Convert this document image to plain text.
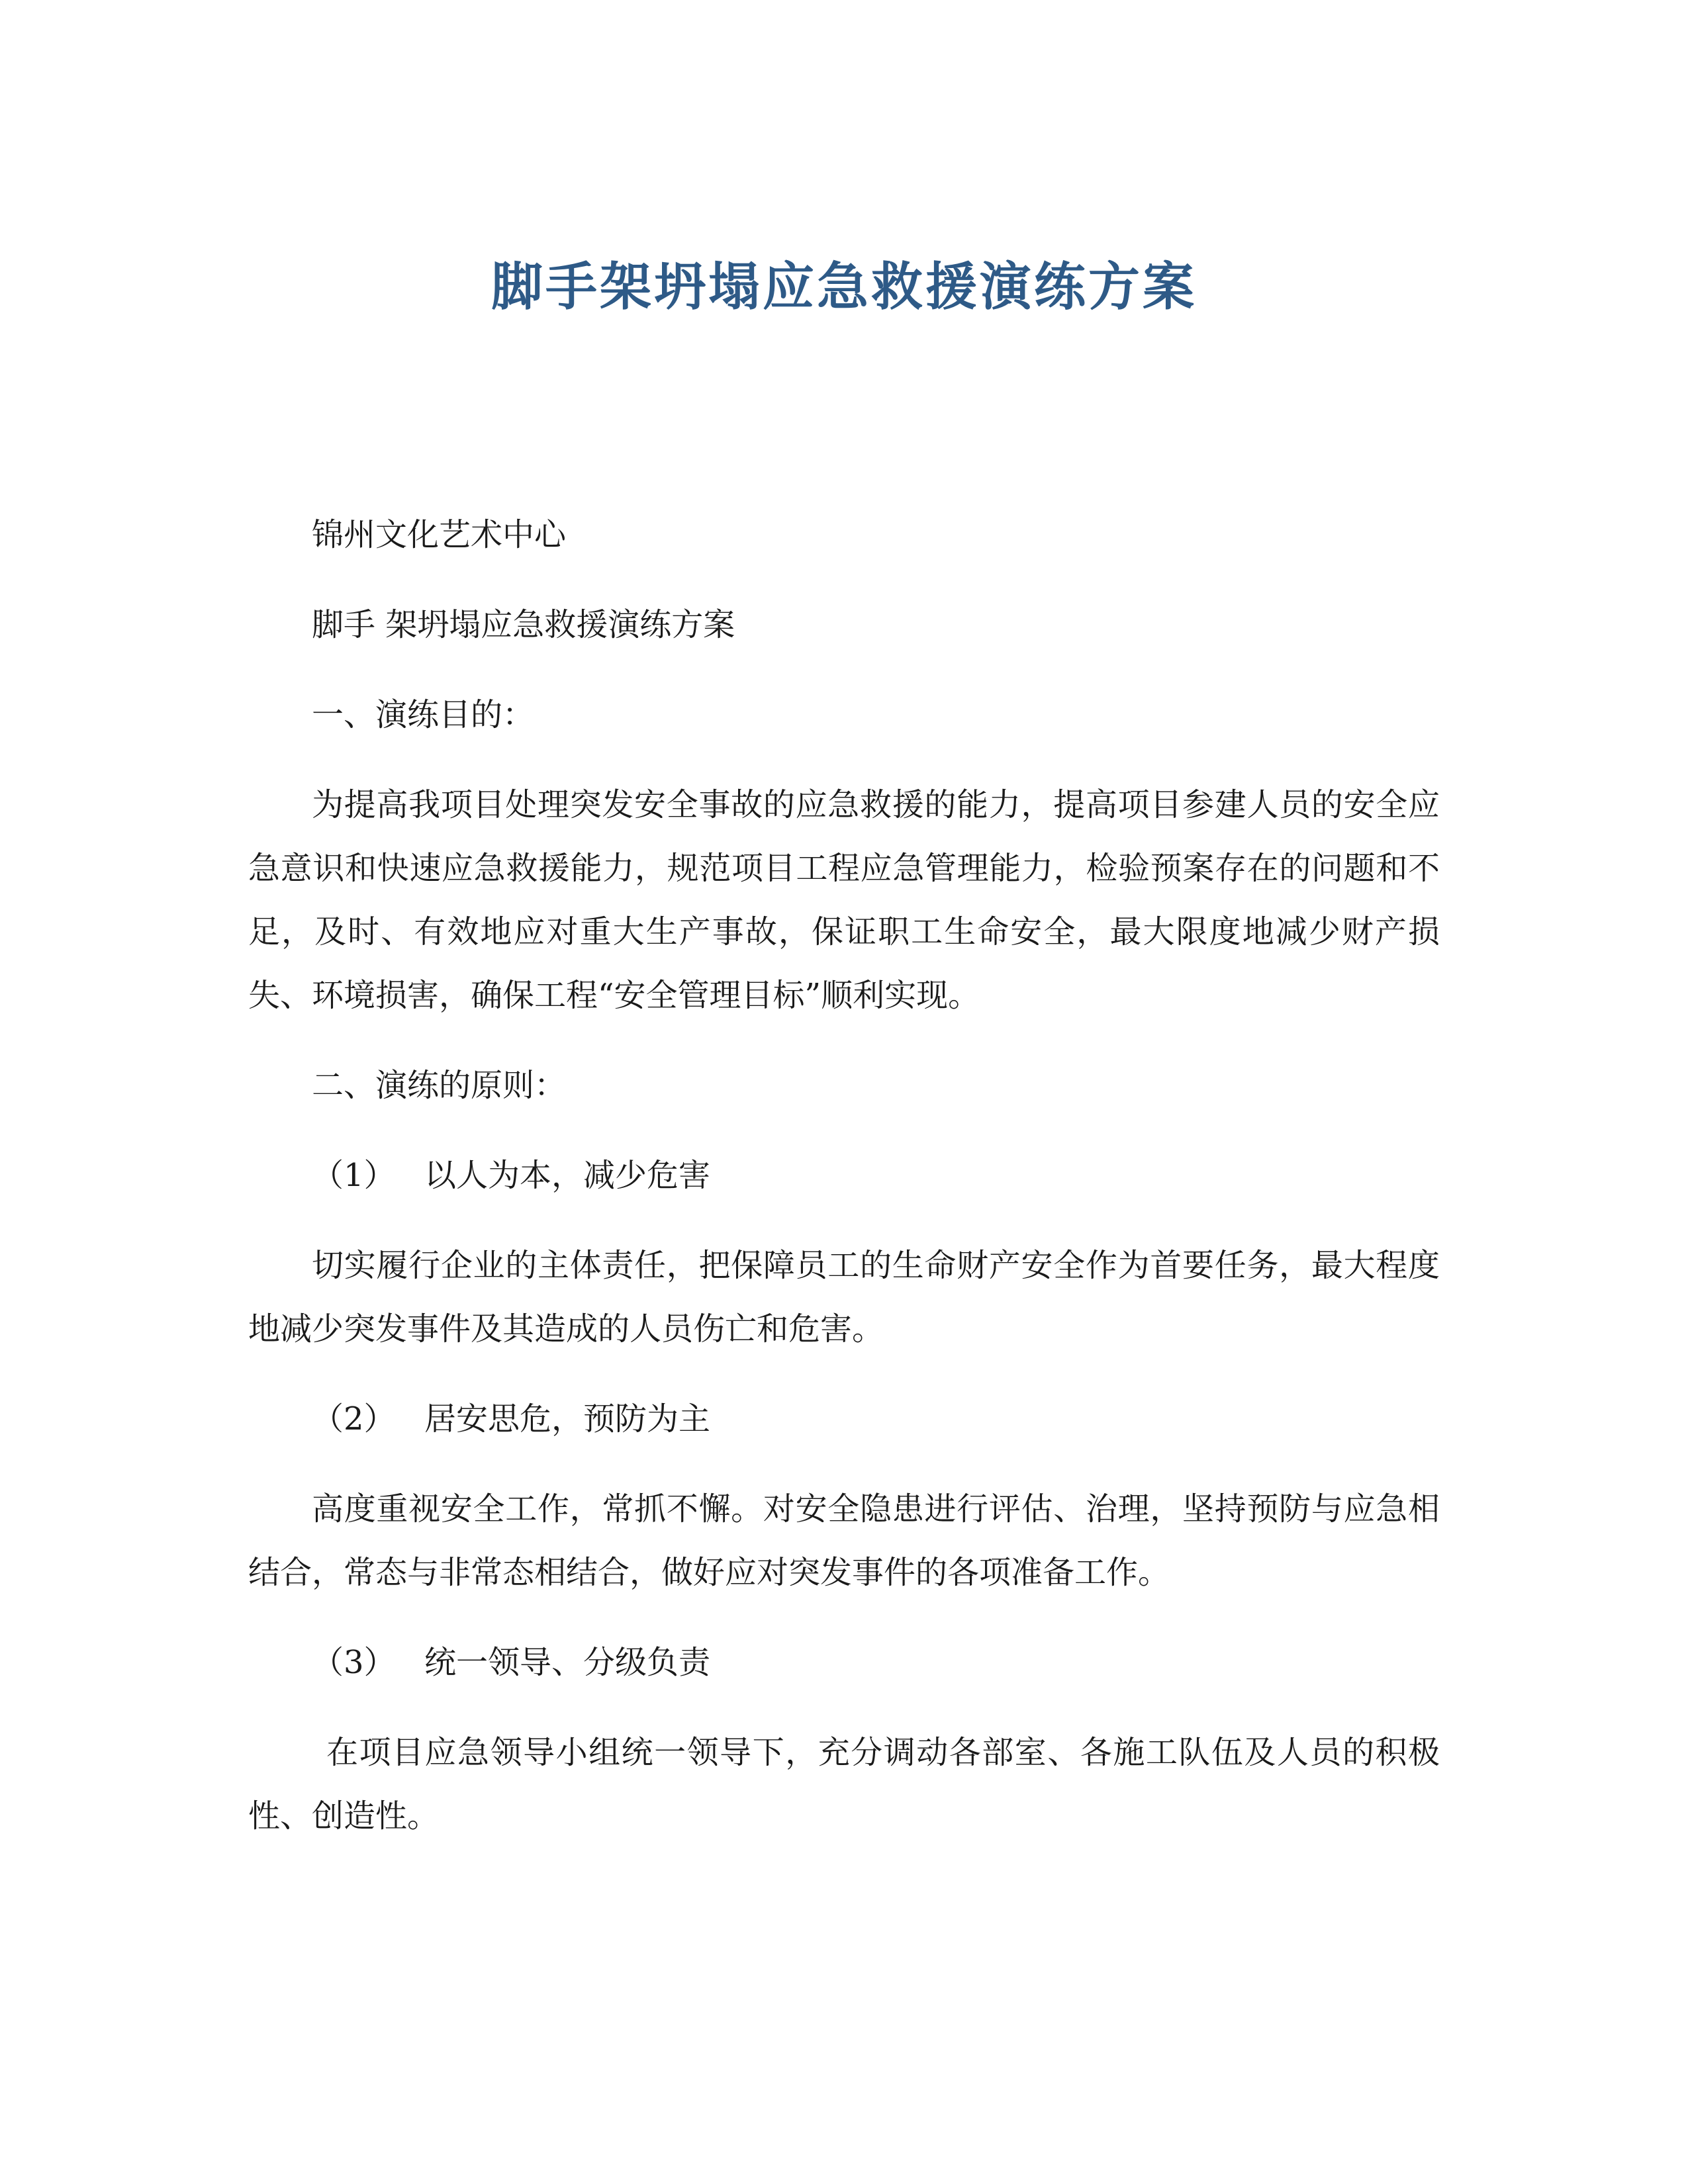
脚手架坍塌应急救援演练方案
锦州文化艺术中心
脚手 架坍塌应急救援演练方案
一、演练目的：

为提高我项目处理突发安全事故的应急救援的能力，提高项目参建人员的安全应急意识和快速应急救援能力，规范项目工程应急管理能力，检验预案存在的问题和不足，及时、有效地应对重大生产事故，保证职工生命安全，最大限度地减少财产损失、环境损害，确保工程“安全管理目标”顺利实现。

二、演练的原则：
（1） 以人为本，减少危害

切实履行企业的主体责任，把保障员工的生命财产安全作为首要任务，最大程度地减少突发事件及其造成的人员伤亡和危害。

（2） 居安思危，预防为主

高度重视安全工作，常抓不懈。对安全隐患进行评估、治理，坚持预防与应急相结合，常态与非常态相结合，做好应对突发事件的各项准备工作。

（3） 统一领导、分级负责

在项目应急领导小组统一领导下，充分调动各部室、各施工队伍及人员的积极性、创造性。
